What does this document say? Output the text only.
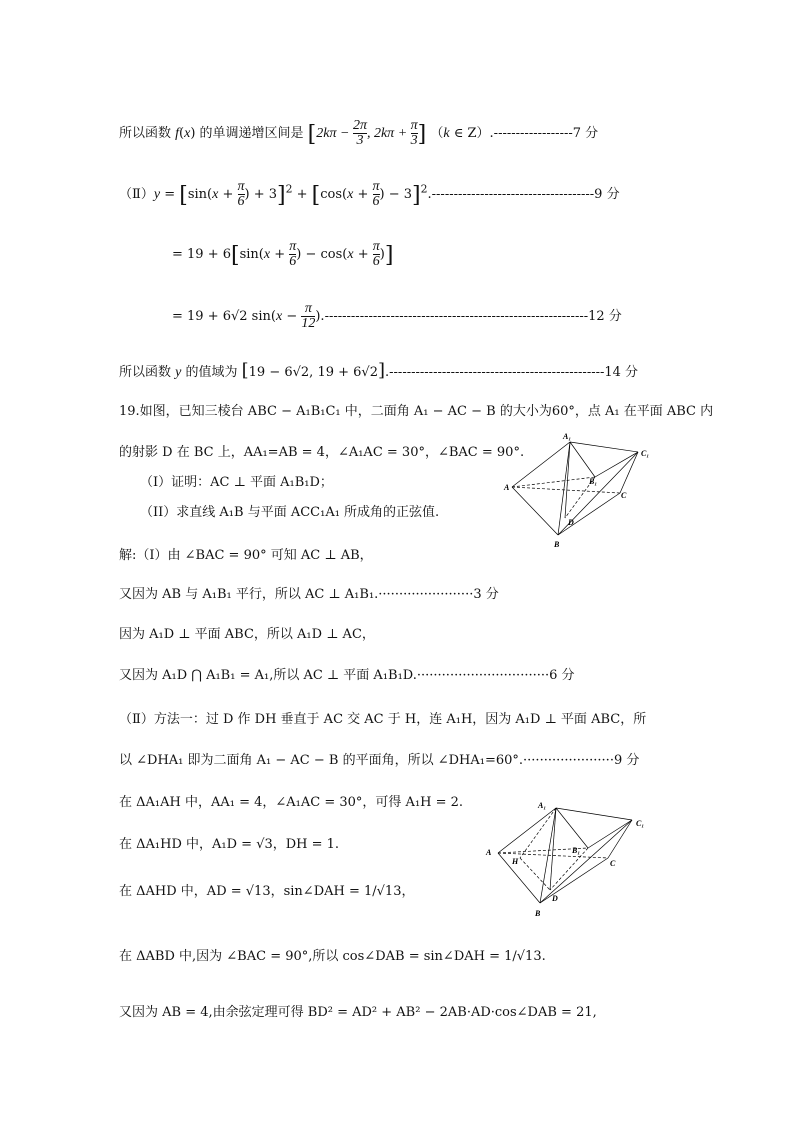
所以函数 f(x) 的单调递增区间是 [$2k\pi - \frac{2\pi}{3}$, $2k\pi + \frac{\pi}{3}$] （k ∈ Z）.------------------7 分
（Ⅱ）y = $[\sin(x + \frac{\pi}{6}) + 3]^2 + [\cos(x + \frac{\pi}{6}) - 3]^2.-------------------------------------9$ 分
= $19 + 6[\sin(x + \frac{\pi}{6}) - \cos(x + \frac{\pi}{6})]$
= 19 + 6√2 $\sin(x - \frac{\pi}{12}).------------------------------------------------------------12$ 分
所以函数 y 的值域为 [19 − 6√2, 19 + 6√2].-------------------------------------------------14 分
19.如图，已知三棱台 ABC − A₁B₁C₁ 中，二面角 A₁ − AC − B 的大小为60°，点 A₁ 在平面 ABC 内
的射影 D 在 BC 上，AA₁=AB = 4，∠A₁AC = 30°，∠BAC = 90°.
（I）证明：AC ⊥ 平面 A₁B₁D；
（II）求直线 A₁B 与平面 ACC₁A₁ 所成角的正弦值.
A₁
C₁
A
B₁
C
D
B
解:（Ⅰ）由 ∠BAC = 90° 可知 AC ⊥ AB，
又因为 AB 与 A₁B₁ 平行，所以 AC ⊥ A₁B₁.·······················3 分
因为 A₁D ⊥ 平面 ABC，所以 A₁D ⊥ AC，
又因为 A₁D ⋂ A₁B₁ = A₁,所以 AC ⊥ 平面 A₁B₁D.································6 分
（Ⅱ）方法一：过 D 作 DH 垂直于 AC 交 AC 于 H，连 A₁H，因为 A₁D ⊥ 平面 ABC，所
以 ∠DHA₁ 即为二面角 A₁ − AC − B 的平面角，所以 ∠DHA₁=60°.······················9 分
在 ΔA₁AH 中，AA₁ = 4，∠A₁AC = 30°，可得 A₁H = 2.
在 ΔA₁HD 中，A₁D = √3，DH = 1.
在 ΔAHD 中，AD = √13，sin∠DAH = 1/√13，
A₁
C₁
A
H
B₁
C
D
B
在 ΔABD 中,因为 ∠BAC = 90°,所以 cos∠DAB = sin∠DAH = 1/√13.
又因为 AB = 4,由余弦定理可得 BD² = AD² + AB² − 2AB·AD·cos∠DAB = 21,
